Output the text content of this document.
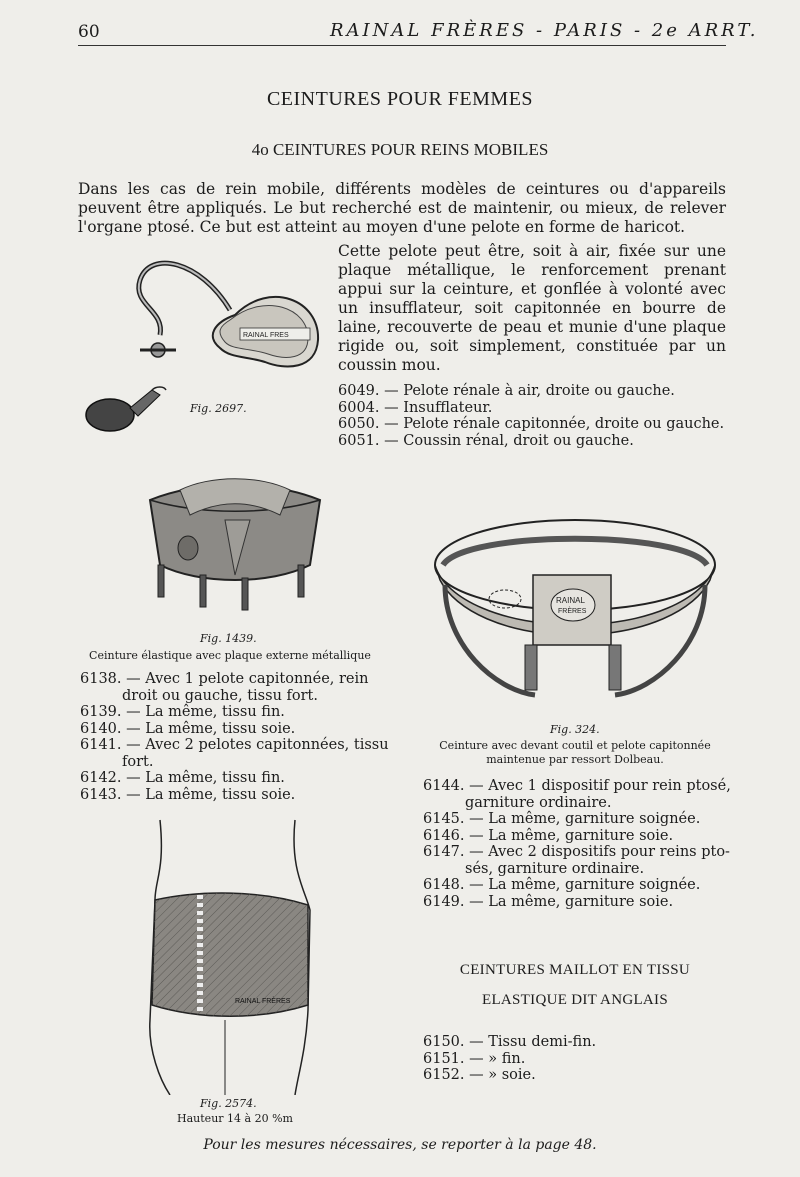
60	RAINAL FRÈRES - PARIS - 2e ARRT.
CEINTURES POUR FEMMES
4o CEINTURES POUR REINS MOBILES
Dans les cas de rein mobile, différents modèles de ceintures ou d'appareils peuvent être appliqués. Le but recherché est de maintenir, ou mieux, de relever l'organe ptosé. Ce but est atteint au moyen d'une pelote en forme de haricot.
RAINAL FRES
Fig. 2697.
Cette pelote peut être, soit à air, fixée sur une plaque métallique, le renforcement prenant appui sur la ceinture, et gonflée à volonté avec un insufflateur, soit capitonnée en bourre de laine, recouverte de peau et munie d'une plaque rigide ou, soit simplement, constituée par un coussin mou.
6049. — Pelote rénale à air, droite ou gauche.
6004. — Insufflateur.
6050. — Pelote rénale capitonnée, droite ou gauche.
6051. — Coussin rénal, droit ou gauche.
Fig. 1439.
Ceinture élastique avec plaque externe métallique
6138. — Avec 1 pelote capitonnée, rein
droit ou gauche, tissu fort.
6139. — La même, tissu fin.
6140. — La même, tissu soie.
6141. — Avec 2 pelotes capitonnées, tissu
fort.
6142. — La même, tissu fin.
6143. — La même, tissu soie.
RAINAL
FRÈRES
Fig. 324.
Ceinture avec devant coutil et pelote capitonnée
maintenue par ressort Dolbeau.
6144. — Avec 1 dispositif pour rein ptosé,
garniture ordinaire.
6145. — La même, garniture soignée.
6146. — La même, garniture soie.
6147. — Avec 2 dispositifs pour reins pto-
sés, garniture ordinaire.
6148. — La même, garniture soignée.
6149. — La même, garniture soie.
RAINAL FRÈRES
Fig. 2574.
Hauteur 14 à 20 %m
CEINTURES MAILLOT EN TISSU
ELASTIQUE DIT ANGLAIS
6150. — Tissu demi-fin.
6151. — » fin.
6152. — » soie.
Pour les mesures nécessaires, se reporter à la page 48.
